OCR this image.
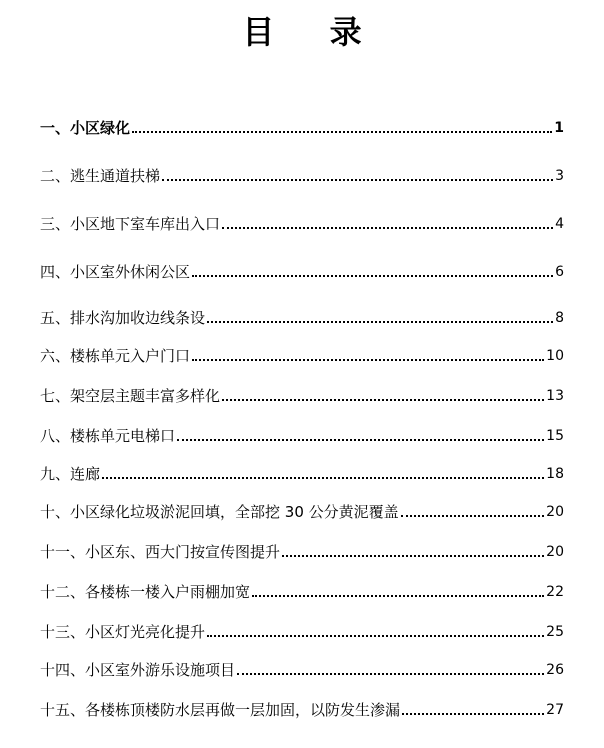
目 录
一、小区绿化	1
二、逃生通道扶梯	3
三、小区地下室车库出入口	4
四、小区室外休闲公区	6
五、排水沟加收边线条设	8
六、楼栋单元入户门口	10
七、架空层主题丰富多样化	13
八、楼栋单元电梯口	15
九、连廊	18
十、小区绿化垃圾淤泥回填，全部挖 30 公分黄泥覆盖	20
十一、小区东、西大门按宣传图提升	20
十二、各楼栋一楼入户雨棚加宽	22
十三、小区灯光亮化提升	25
十四、小区室外游乐设施项目	26
十五、各楼栋顶楼防水层再做一层加固，以防发生渗漏	27
